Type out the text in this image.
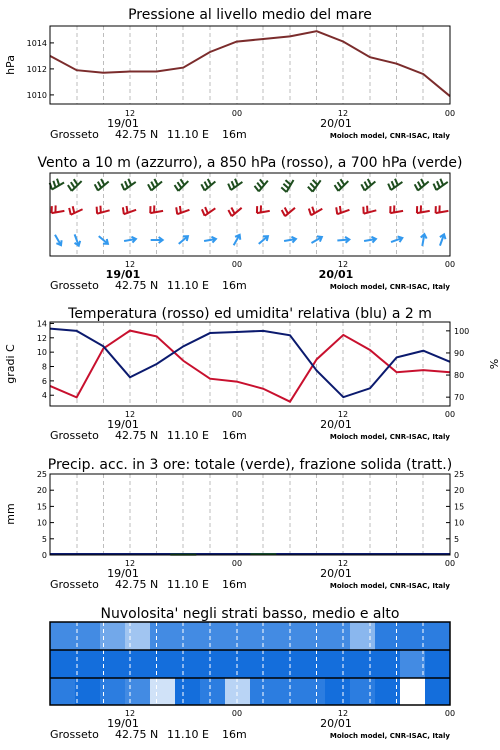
Pressione al livello medio del mare
1010
1012
1014
hPa
12	00	12	00
19/01	20/01
Grosseto 42.75 N 11.10 E 16m	Moloch model, CNR-ISAC, Italy
Vento a 10 m (azzurro), a 850 hPa (rosso), a 700 hPa (verde)
12	00	12	00
19/01	20/01
Grosseto 42.75 N 11.10 E 16m	Moloch model, CNR-ISAC, Italy
Temperatura (rosso) ed umidita' relativa (blu) a 2 m
4
6
8
10
12
14
70
80
90
100
gradi C	%
12	00	12	00
19/01	20/01
Grosseto 42.75 N 11.10 E 16m	Moloch model, CNR-ISAC, Italy
Precip. acc. in 3 ore: totale (verde), frazione solida (tratt.)
0
5
10
15
20
25
0
5
10
15
20
25
mm
12	00	12	00
19/01	20/01
Grosseto 42.75 N 11.10 E 16m	Moloch model, CNR-ISAC, Italy
Nuvolosita' negli strati basso, medio e alto
12	00	12	00
19/01	20/01
Grosseto 42.75 N 11.10 E 16m	Moloch model, CNR-ISAC, Italy
